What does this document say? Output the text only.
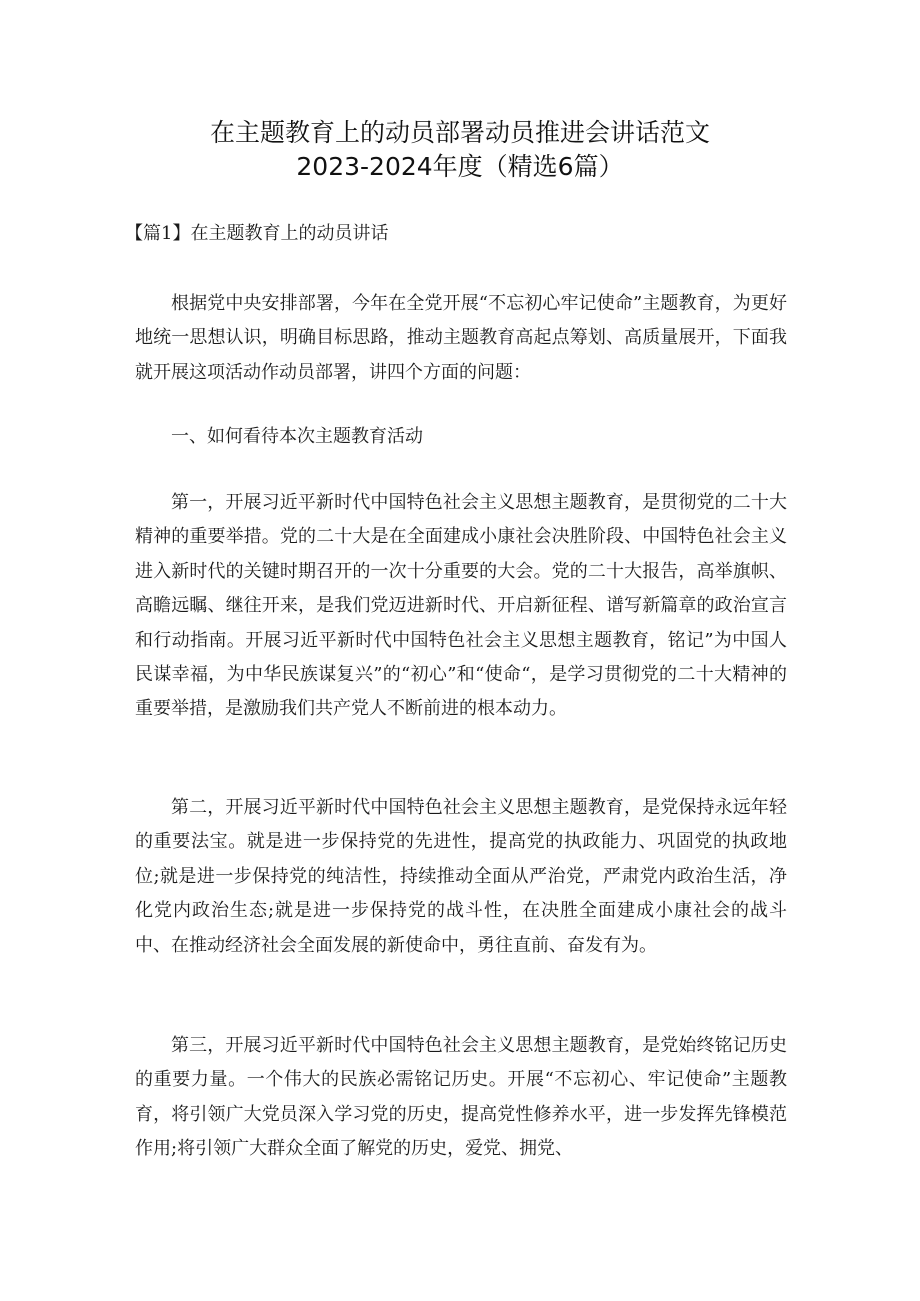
在主题教育上的动员部署动员推进会讲话范文
2023-2024年度（精选6篇）

【篇1】在主题教育上的动员讲话

根据党中央安排部署，今年在全党开展“不忘初心牢记使命”主题教育，为更好地统一思想认识，明确目标思路，推动主题教育高起点筹划、高质量展开，下面我就开展这项活动作动员部署，讲四个方面的问题：

一、如何看待本次主题教育活动

第一，开展习近平新时代中国特色社会主义思想主题教育，是贯彻党的二十大精神的重要举措。党的二十大是在全面建成小康社会决胜阶段、中国特色社会主义进入新时代的关键时期召开的一次十分重要的大会。党的二十大报告，高举旗帜、高瞻远瞩、继往开来，是我们党迈进新时代、开启新征程、谱写新篇章的政治宣言和行动指南。开展习近平新时代中国特色社会主义思想主题教育，铭记”为中国人民谋幸福，为中华民族谋复兴”的“初心”和“使命“，是学习贯彻党的二十大精神的重要举措，是激励我们共产党人不断前进的根本动力。

第二，开展习近平新时代中国特色社会主义思想主题教育，是党保持永远年轻的重要法宝。就是进一步保持党的先进性，提高党的执政能力、巩固党的执政地位;就是进一步保持党的纯洁性，持续推动全面从严治党，严肃党内政治生活，净化党内政治生态;就是进一步保持党的战斗性，在决胜全面建成小康社会的战斗中、在推动经济社会全面发展的新使命中，勇往直前、奋发有为。

第三，开展习近平新时代中国特色社会主义思想主题教育，是党始终铭记历史的重要力量。一个伟大的民族必需铭记历史。开展“不忘初心、牢记使命”主题教育，将引领广大党员深入学习党的历史，提高党性修养水平，进一步发挥先锋模范作用;将引领广大群众全面了解党的历史，爱党、拥党、
